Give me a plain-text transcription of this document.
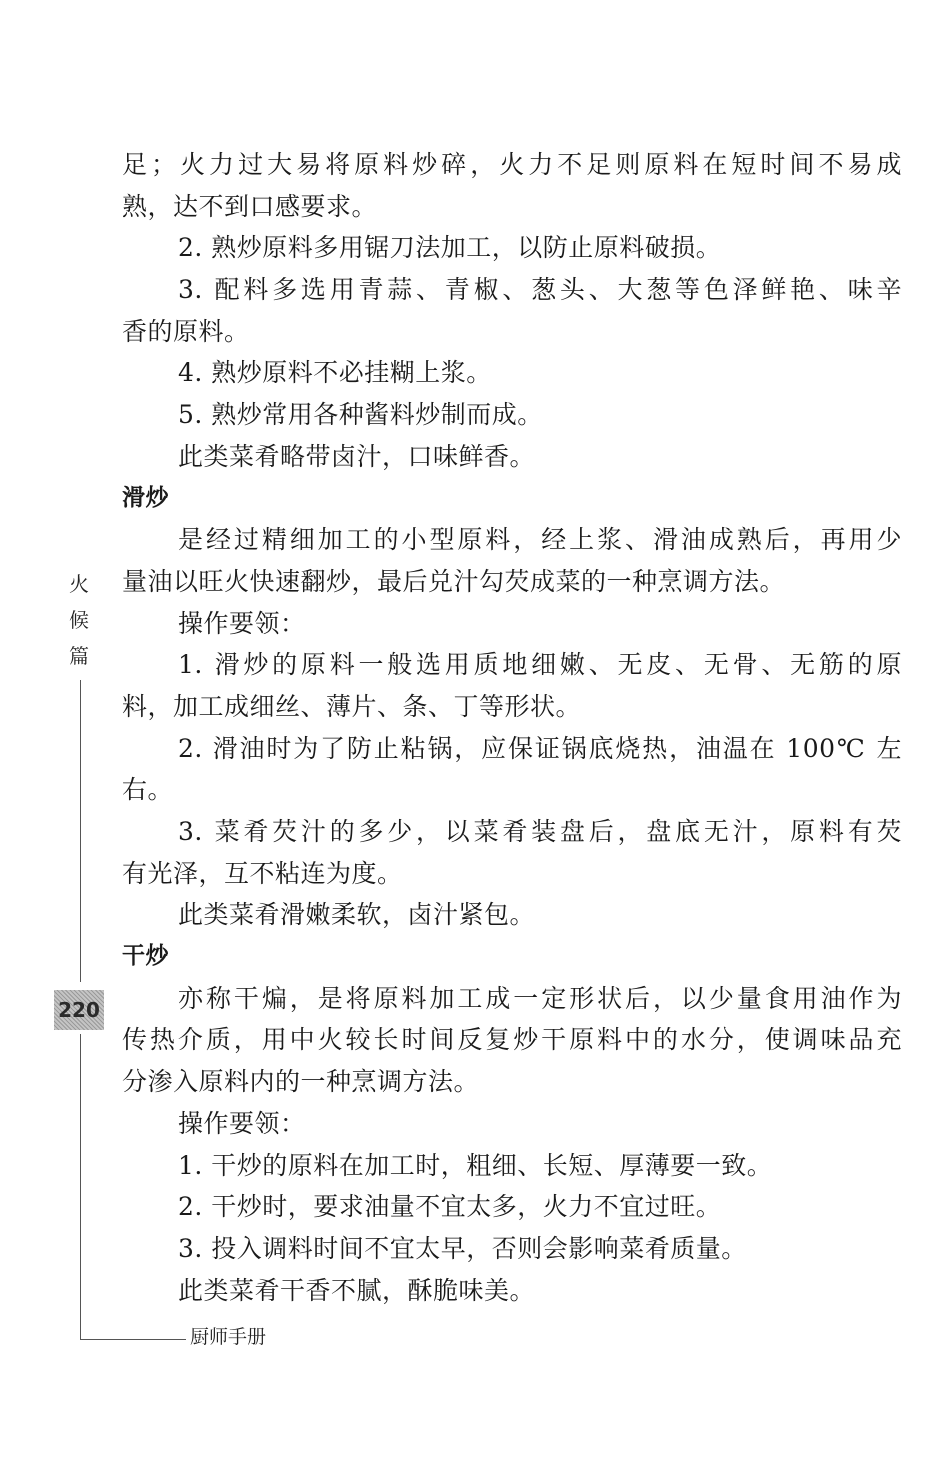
足；火力过大易将原料炒碎，火力不足则原料在短时间不易成
熟，达不到口感要求。
2. 熟炒原料多用锯刀法加工，以防止原料破损。
3. 配料多选用青蒜、青椒、葱头、大葱等色泽鲜艳、味辛
香的原料。
4. 熟炒原料不必挂糊上浆。
5. 熟炒常用各种酱料炒制而成。
此类菜肴略带卤汁，口味鲜香。
滑炒
是经过精细加工的小型原料，经上浆、滑油成熟后，再用少
量油以旺火快速翻炒，最后兑汁勾芡成菜的一种烹调方法。
操作要领：
1. 滑炒的原料一般选用质地细嫩、无皮、无骨、无筋的原
料，加工成细丝、薄片、条、丁等形状。
2. 滑油时为了防止粘锅，应保证锅底烧热，油温在 100℃ 左
右。
3. 菜肴芡汁的多少，以菜肴装盘后，盘底无汁，原料有芡
有光泽，互不粘连为度。
此类菜肴滑嫩柔软，卤汁紧包。
干炒
亦称干煸，是将原料加工成一定形状后，以少量食用油作为
传热介质，用中火较长时间反复炒干原料中的水分，使调味品充
分渗入原料内的一种烹调方法。
操作要领：
1. 干炒的原料在加工时，粗细、长短、厚薄要一致。
2. 干炒时，要求油量不宜太多，火力不宜过旺。
3. 投入调料时间不宜太早，否则会影响菜肴质量。
此类菜肴干香不腻，酥脆味美。
火
候
篇
220
厨师手册
